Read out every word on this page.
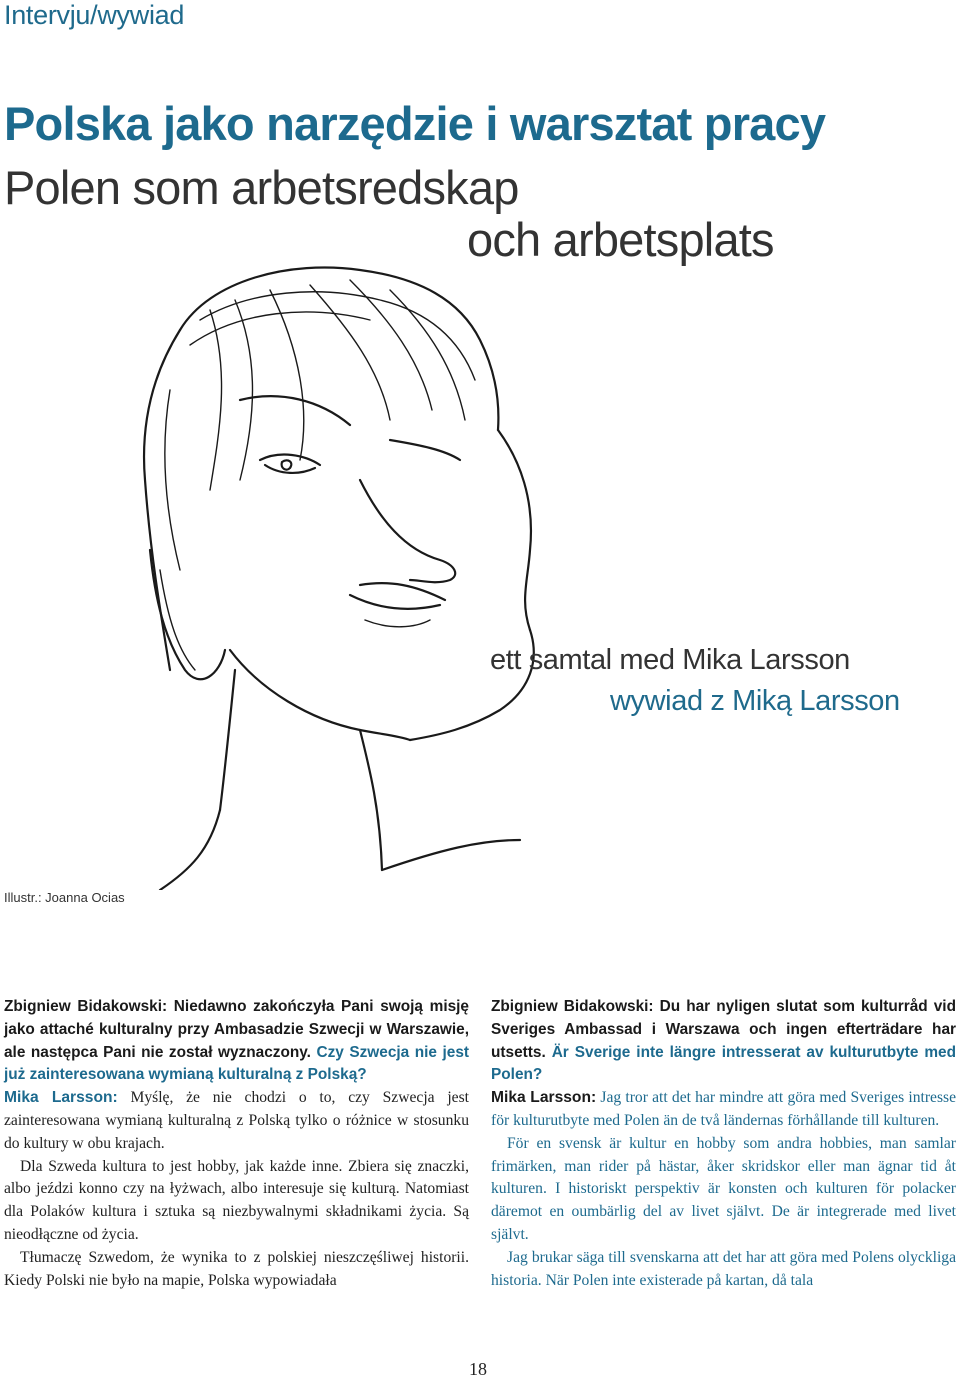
Intervju/wywiad
Polska jako narzędzie i warsztat pracy
Polen som arbetsredskap
och arbetsplats
ett samtal med Mika Larsson
wywiad z Miką Larsson
Illustr.: Joanna Ocias

Zbigniew Bidakowski: Niedawno zakończyła Pani swoją misję jako attaché kulturalny przy Ambasadzie Szwecji w Warszawie, ale następca Pani nie został wyznaczony. Czy Szwecja nie jest już zainteresowana wymianą kulturalną z Polską?

Mika Larsson: Myślę, że nie chodzi o to, czy Szwecja jest zainteresowana wymianą kulturalną z Polską tylko o różnice w stosunku do kultury w obu krajach.

Dla Szweda kultura to jest hobby, jak każde inne. Zbiera się znaczki, albo jeździ konno czy na łyżwach, albo interesuje się kulturą. Natomiast dla Polaków kultura i sztuka są niezbywalnymi składnikami życia. Są nieodłączne od życia.

Tłumaczę Szwedom, że wynika to z polskiej nieszczęśliwej historii. Kiedy Polski nie było na mapie, Polska wypowiadała

Zbigniew Bidakowski: Du har nyligen slutat som kulturråd vid Sveriges Ambassad i Warszawa och ingen efterträdare har utsetts. Är Sverige inte längre intresserat av kulturutbyte med Polen?

Mika Larsson: Jag tror att det har mindre att göra med Sveriges intresse för kulturutbyte med Polen än de två ländernas förhållande till kulturen.

För en svensk är kultur en hobby som andra hobbies, man samlar frimärken, man rider på hästar, åker skridskor eller man ägnar tid åt kulturen. I historiskt perspektiv är konsten och kulturen för polacker däremot en oumbärlig del av livet självt. De är integrerade med livet självt.

Jag brukar säga till svenskarna att det har att göra med Polens olyckliga historia. När Polen inte existerade på kartan, då tala

18
